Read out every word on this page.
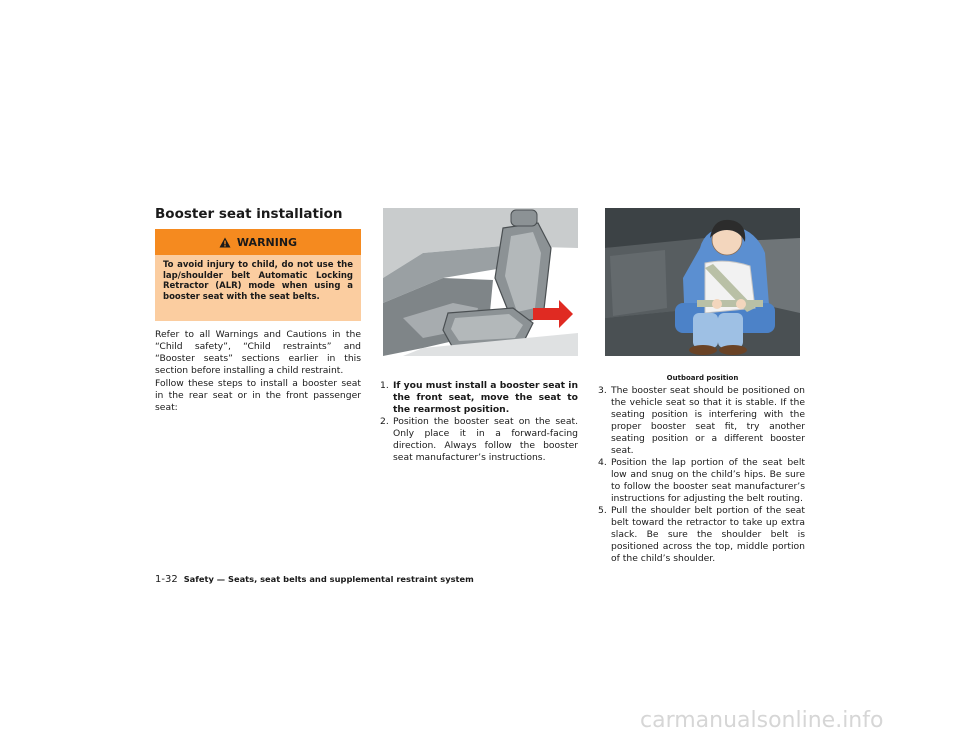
Booster seat installation
WARNING
To avoid injury to child, do not use the lap/shoulder belt Automatic Locking Retractor (ALR) mode when using a booster seat with the seat belts.
Refer to all Warnings and Cautions in the “Child safety”, “Child restraints” and “Booster seats” sections earlier in this section before installing a child restraint.
Follow these steps to install a booster seat in the rear seat or in the front passenger seat:
1. If you must install a booster seat in the front seat, move the seat to the rearmost position.
2. Position the booster seat on the seat. Only place it in a forward-facing direction. Always follow the booster seat manufacturer’s instructions.
Outboard position
3. The booster seat should be positioned on the vehicle seat so that it is stable. If the seating position is interfering with the proper booster seat fit, try another seating position or a different booster seat.
4. Position the lap portion of the seat belt low and snug on the child’s hips. Be sure to follow the booster seat manufacturer’s instructions for adjusting the belt routing.
5. Pull the shoulder belt portion of the seat belt toward the retractor to take up extra slack. Be sure the shoulder belt is positioned across the top, middle portion of the child’s shoulder.
1-32 Safety — Seats, seat belts and supplemental restraint system
carmanualsonline.info
